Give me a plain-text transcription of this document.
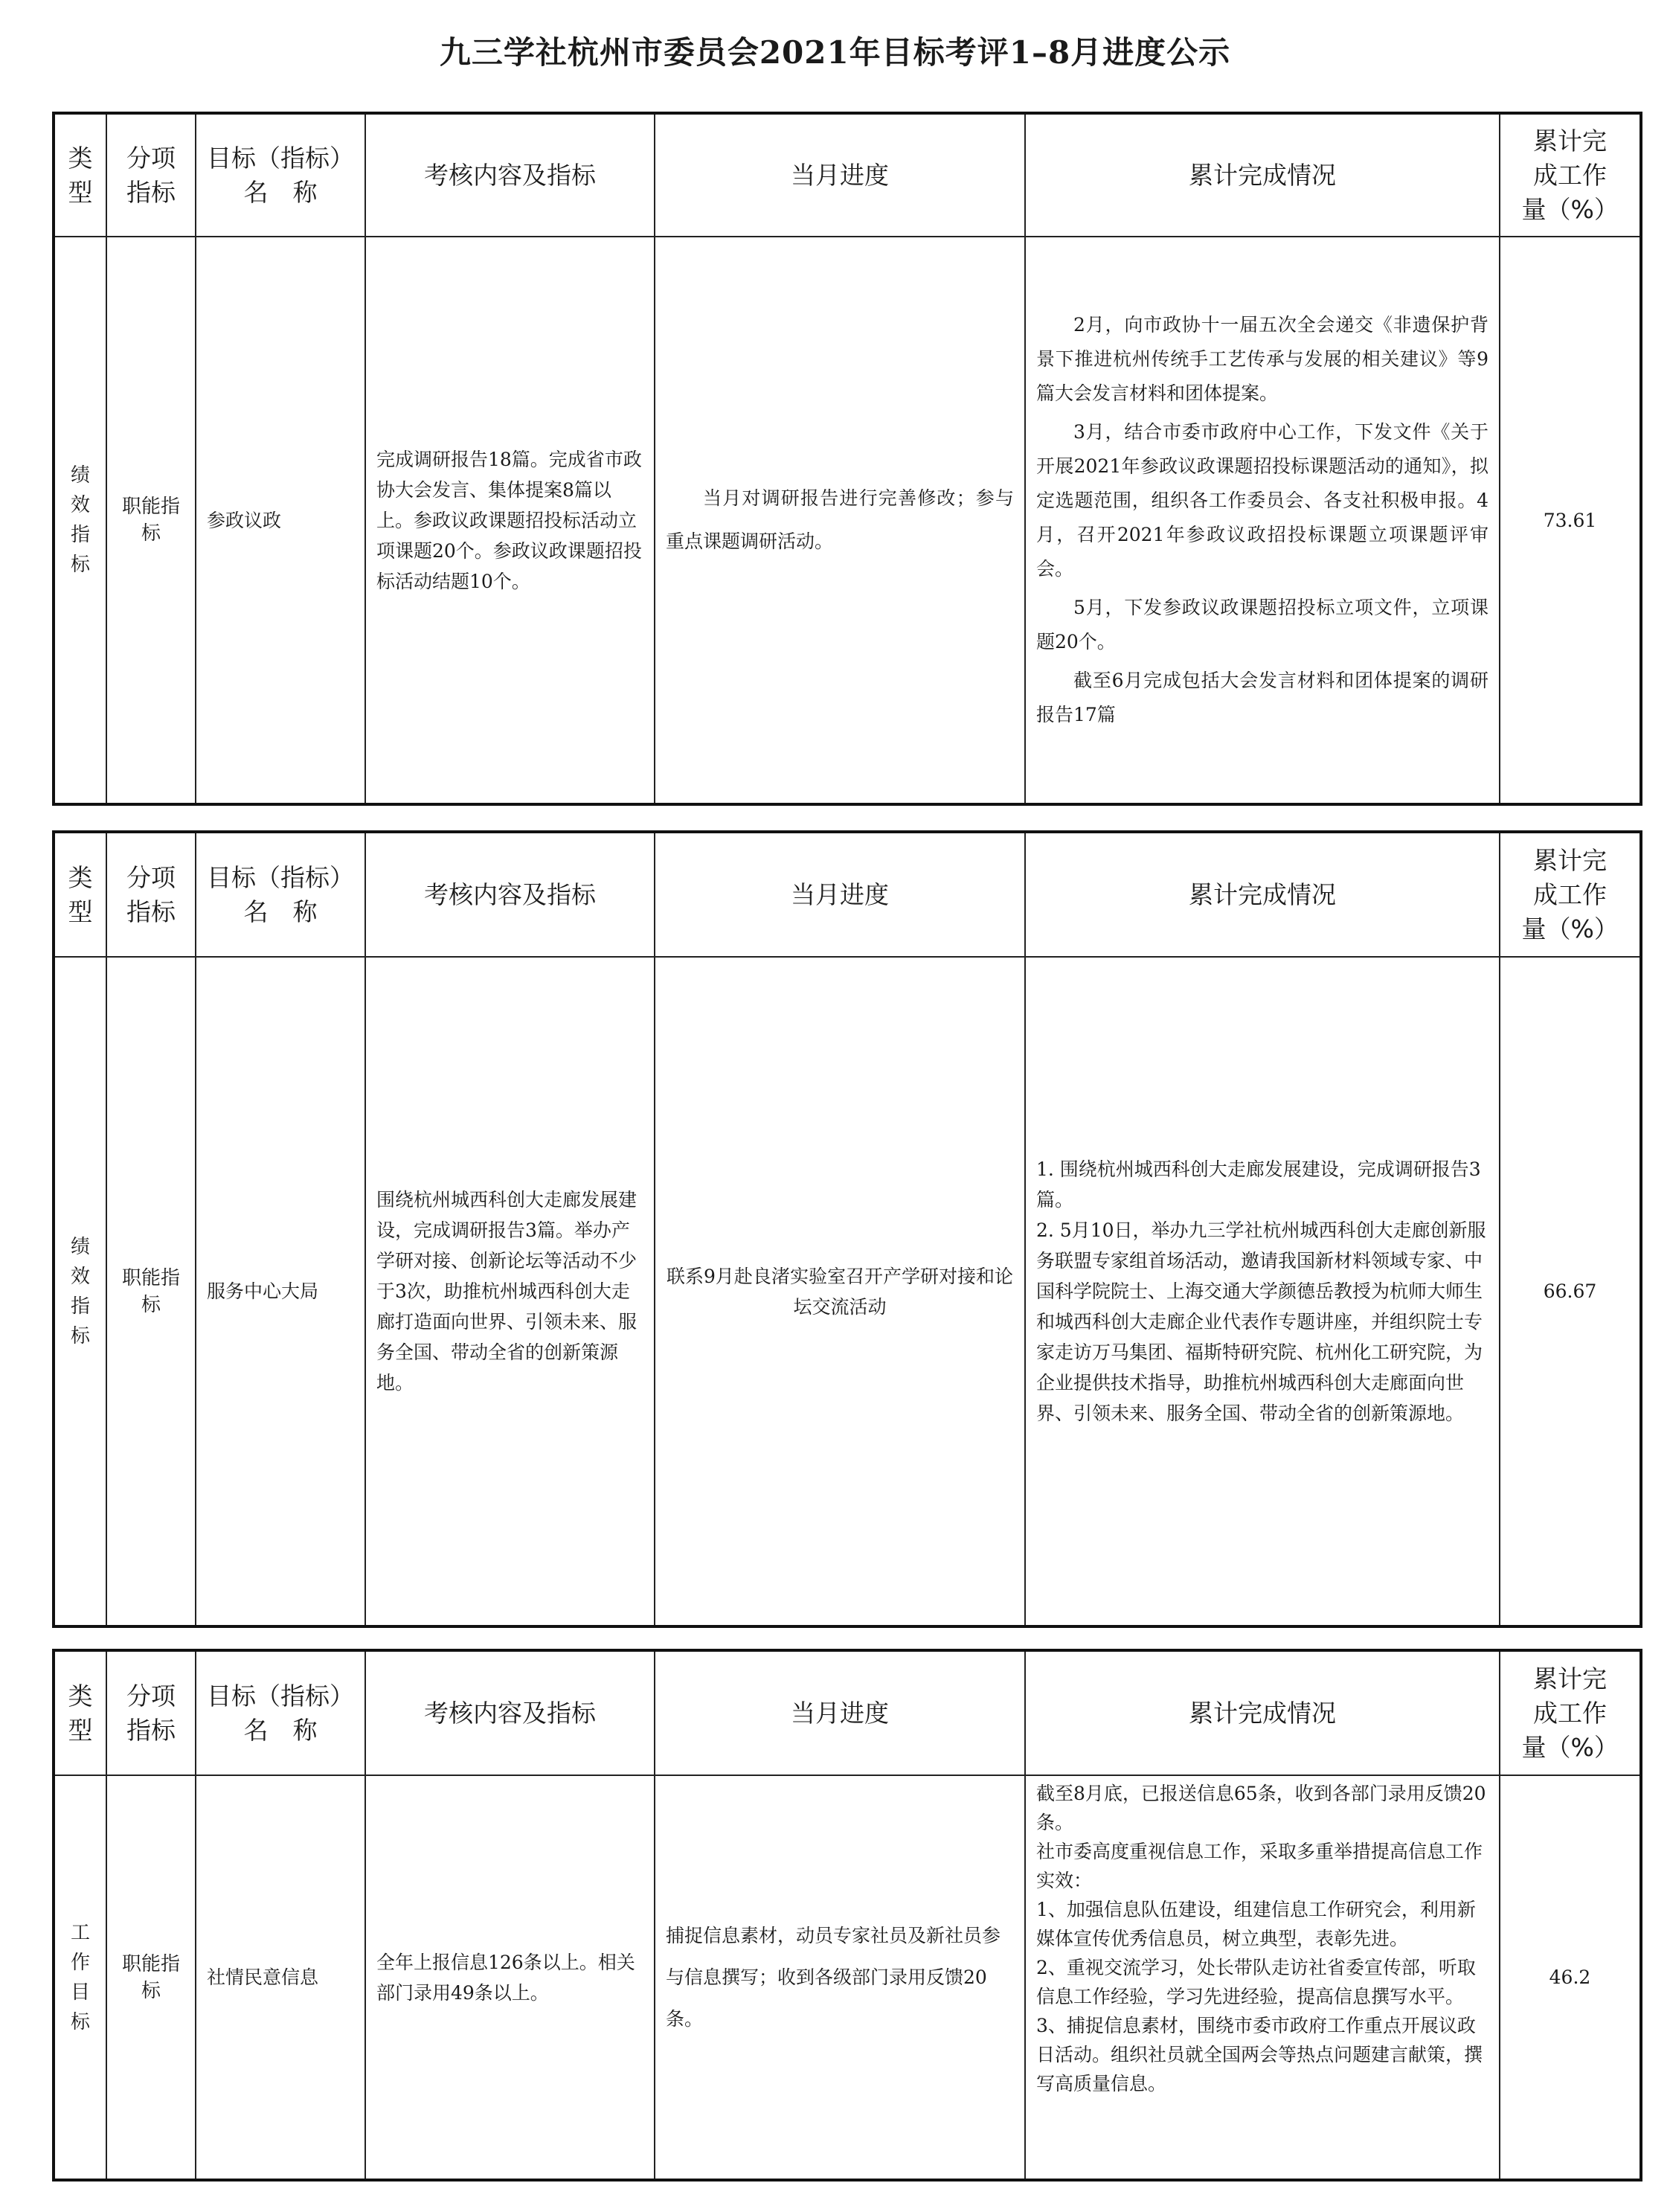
九三学社杭州市委员会2021年目标考评1–8月进度公示
类型	分项指标	目标（指标）名　称	考核内容及指标	当月进度	累计完成情况	累计完成工作量（%）
绩效指标	职能指标	参政议政	完成调研报告18篇。完成省市政协大会发言、集体提案8篇以上。参政议政课题招投标活动立项课题20个。参政议政课题招投标活动结题10个。	当月对调研报告进行完善修改；参与重点课题调研活动。	2月，向市政协十一届五次全会递交《非遗保护背景下推进杭州传统手工艺传承与发展的相关建议》等9篇大会发言材料和团体提案。
3月，结合市委市政府中心工作，下发文件《关于开展2021年参政议政课题招投标课题活动的通知》，拟定选题范围，组织各工作委员会、各支社积极申报。4月，召开2021年参政议政招投标课题立项课题评审会。
5月，下发参政议政课题招投标立项文件，立项课题20个。
截至6月完成包括大会发言材料和团体提案的调研报告17篇	73.61
类型	分项指标	目标（指标）名　称	考核内容及指标	当月进度	累计完成情况	累计完成工作量（%）
绩效指标	职能指标	服务中心大局	围绕杭州城西科创大走廊发展建设，完成调研报告3篇。举办产学研对接、创新论坛等活动不少于3次，助推杭州城西科创大走廊打造面向世界、引领未来、服务全国、带动全省的创新策源地。	联系9月赴良渚实验室召开产学研对接和论坛交流活动	1. 围绕杭州城西科创大走廊发展建设，完成调研报告3篇。
2. 5月10日，举办九三学社杭州城西科创大走廊创新服务联盟专家组首场活动，邀请我国新材料领域专家、中国科学院院士、上海交通大学颜德岳教授为杭师大师生和城西科创大走廊企业代表作专题讲座，并组织院士专家走访万马集团、福斯特研究院、杭州化工研究院，为企业提供技术指导，助推杭州城西科创大走廊面向世界、引领未来、服务全国、带动全省的创新策源地。	66.67
类型	分项指标	目标（指标）名　称	考核内容及指标	当月进度	累计完成情况	累计完成工作量（%）
工作目标	职能指标	社情民意信息	全年上报信息126条以上。相关部门录用49条以上。	捕捉信息素材，动员专家社员及新社员参与信息撰写；收到各级部门录用反馈20条。	截至8月底，已报送信息65条，收到各部门录用反馈20条。
社市委高度重视信息工作，采取多重举措提高信息工作实效：
1、加强信息队伍建设，组建信息工作研究会，利用新媒体宣传优秀信息员，树立典型，表彰先进。
2、重视交流学习，处长带队走访社省委宣传部，听取信息工作经验，学习先进经验，提高信息撰写水平。
3、捕捉信息素材，围绕市委市政府工作重点开展议政日活动。组织社员就全国两会等热点问题建言献策，撰写高质量信息。	46.2
